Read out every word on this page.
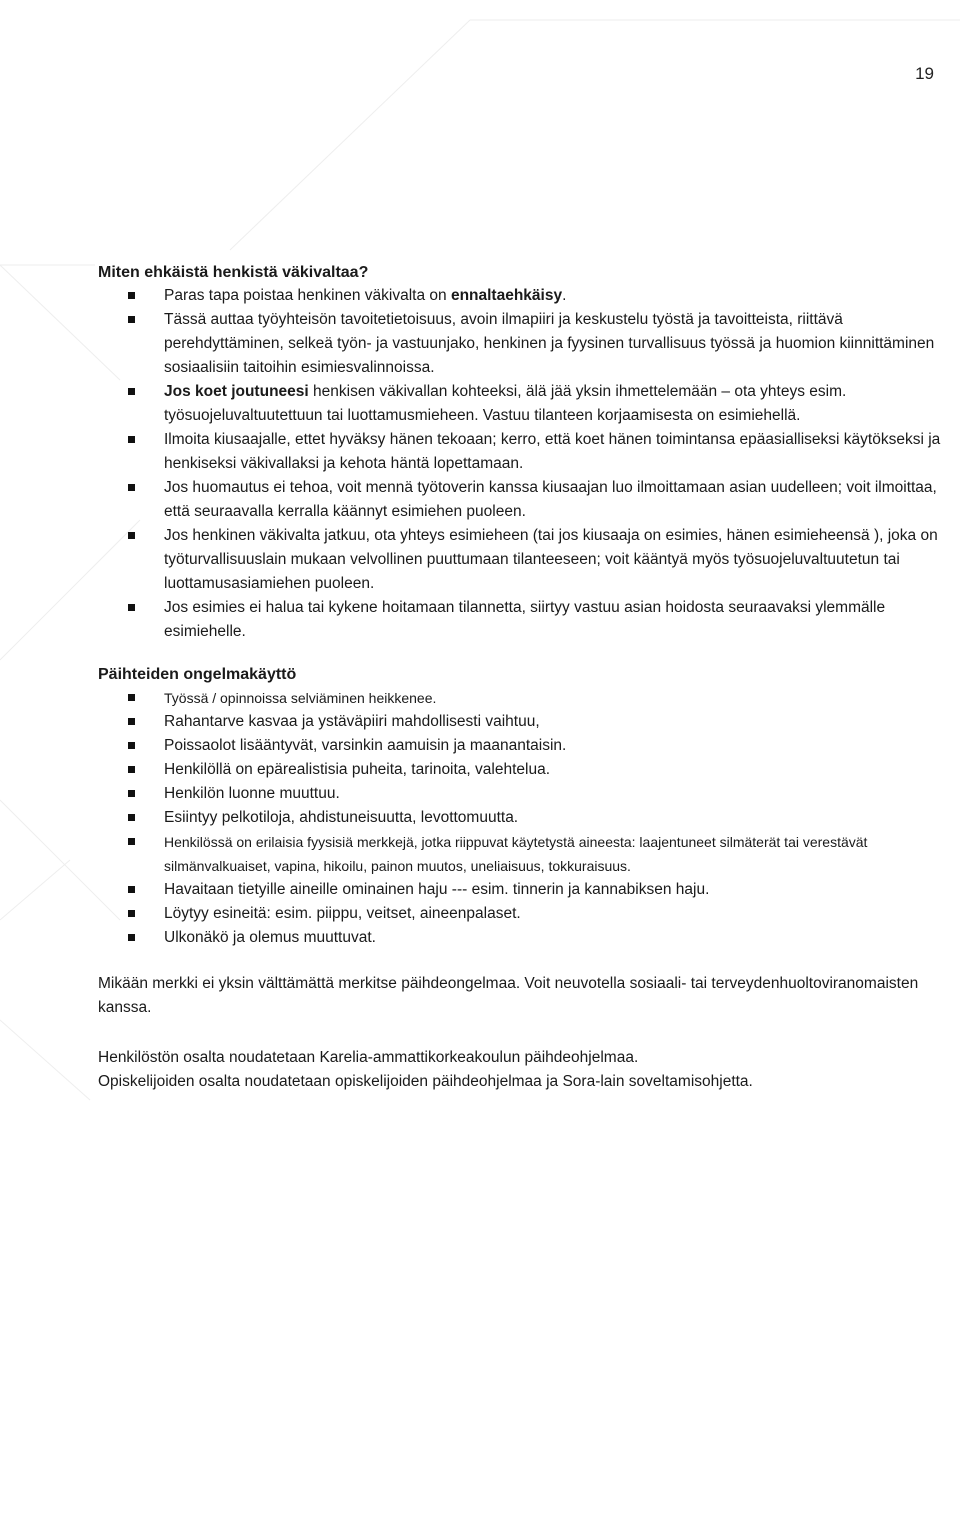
19
Miten ehkäistä henkistä väkivaltaa?
Paras tapa poistaa henkinen väkivalta on ennaltaehkäisy.
Tässä auttaa työyhteisön tavoitetietoisuus, avoin ilmapiiri ja keskustelu työstä ja tavoitteista, riittävä perehdyttäminen, selkeä työn- ja vastuunjako, henkinen ja fyysinen turvallisuus työssä ja huomion kiinnittäminen sosiaalisiin taitoihin esimiesvalinnoissa.
Jos koet joutuneesi henkisen väkivallan kohteeksi, älä jää yksin ihmettelemään – ota yhteys esim. työsuojeluvaltuutettuun tai luottamusmieheen. Vastuu tilanteen korjaamisesta on esimiehellä.
Ilmoita kiusaajalle, ettet hyväksy hänen tekoaan; kerro, että koet hänen toimintansa epäasialliseksi käytökseksi ja henkiseksi väkivallaksi ja kehota häntä lopettamaan.
Jos huomautus ei tehoa, voit mennä työtoverin kanssa kiusaajan luo ilmoittamaan asian uudelleen; voit ilmoittaa, että seuraavalla kerralla käännyt esimiehen puoleen.
Jos henkinen väkivalta jatkuu, ota yhteys esimieheen (tai jos kiusaaja on esimies, hänen esimieheensä ), joka on työturvallisuuslain mukaan velvollinen puuttumaan tilanteeseen; voit kääntyä myös työsuojeluvaltuutetun tai luottamusasiamiehen puoleen.
Jos esimies ei halua tai kykene hoitamaan tilannetta, siirtyy vastuu asian hoidosta seuraavaksi ylemmälle esimiehelle.
Päihteiden ongelmakäyttö
Työssä / opinnoissa selviäminen heikkenee.
Rahantarve kasvaa ja ystäväpiiri mahdollisesti vaihtuu,
Poissaolot lisääntyvät, varsinkin aamuisin ja maanantaisin.
Henkilöllä on epärealistisia puheita, tarinoita, valehtelua.
Henkilön luonne muuttuu.
Esiintyy pelkotiloja, ahdistuneisuutta, levottomuutta.
Henkilössä on erilaisia fyysisiä merkkejä, jotka riippuvat käytetystä aineesta: laajentuneet silmäterät tai verestävät silmänvalkuaiset, vapina, hikoilu, painon muutos, uneliaisuus, tokkuraisuus.
Havaitaan tietyille aineille ominainen haju --- esim. tinnerin ja kannabiksen haju.
Löytyy esineitä: esim. piippu, veitset, aineenpalaset.
Ulkonäkö ja olemus muuttuvat.

Mikään merkki ei yksin välttämättä merkitse päihdeongelmaa. Voit neuvotella sosiaali- tai terveydenhuoltoviranomaisten kanssa.

Henkilöstön osalta noudatetaan Karelia-ammattikorkeakoulun päihdeohjelmaa.
Opiskelijoiden osalta noudatetaan opiskelijoiden päihdeohjelmaa ja Sora-lain soveltamisohjetta.
